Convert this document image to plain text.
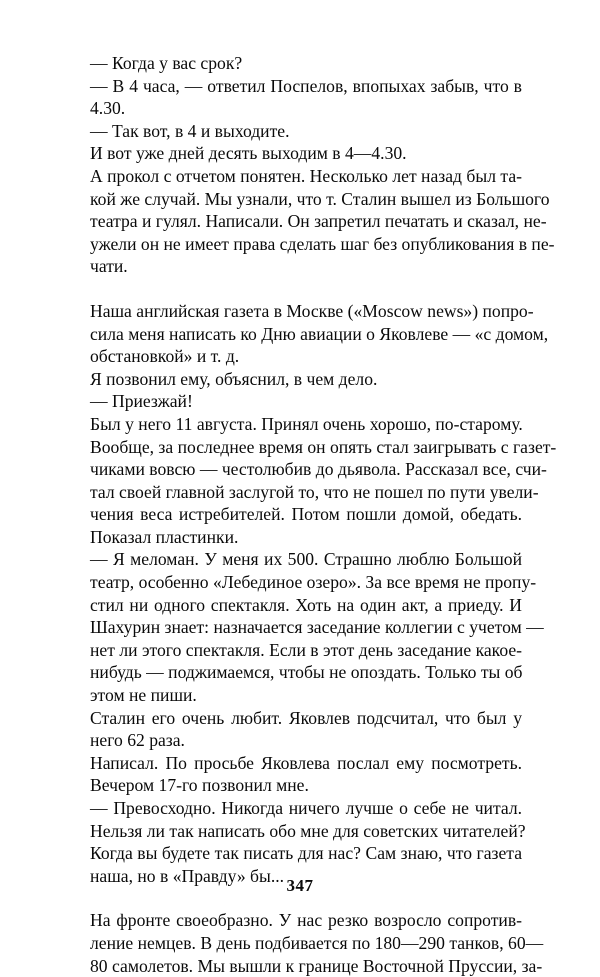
— Когда у вас срок?
— В 4 часа, — ответил Поспелов, впопыхах забыв, что в
4.30.
— Так вот, в 4 и выходите.
И вот уже дней десять выходим в 4—4.30.
А прокол с отчетом понятен. Несколько лет назад был та-
кой же случай. Мы узнали, что т. Сталин вышел из Большого
театра и гулял. Написали. Он запретил печатать и сказал, не-
ужели он не имеет права сделать шаг без опубликования в пе-
чати.
Наша английская газета в Москве («Moscow news») попро-
сила меня написать ко Дню авиации о Яковлеве — «с домом,
обстановкой» и т. д.
Я позвонил ему, объяснил, в чем дело.
— Приезжай!
Был у него 11 августа. Принял очень хорошо, по-старому.
Вообще, за последнее время он опять стал заигрывать с газет-
чиками вовсю — честолюбив до дьявола. Рассказал все, счи-
тал своей главной заслугой то, что не пошел по пути увели-
чения веса истребителей. Потом пошли домой, обедать.
Показал пластинки.
— Я меломан. У меня их 500. Страшно люблю Большой
театр, особенно «Лебединое озеро». За все время не пропу-
стил ни одного спектакля. Хоть на один акт, а приеду. И
Шахурин знает: назначается заседание коллегии с учетом —
нет ли этого спектакля. Если в этот день заседание какое-
нибудь — поджимаемся, чтобы не опоздать. Только ты об
этом не пиши.
Сталин его очень любит. Яковлев подсчитал, что был у
него 62 раза.
Написал. По просьбе Яковлева послал ему посмотреть.
Вечером 17-го позвонил мне.
— Превосходно. Никогда ничего лучше о себе не читал.
Нельзя ли так написать обо мне для советских читателей?
Когда вы будете так писать для нас? Сам знаю, что газета
наша, но в «Правду» бы...
На фронте своеобразно. У нас резко возросло сопротив-
ление немцев. В день подбивается по 180—290 танков, 60—
80 самолетов. Мы вышли к границе Восточной Пруссии, за-
347
